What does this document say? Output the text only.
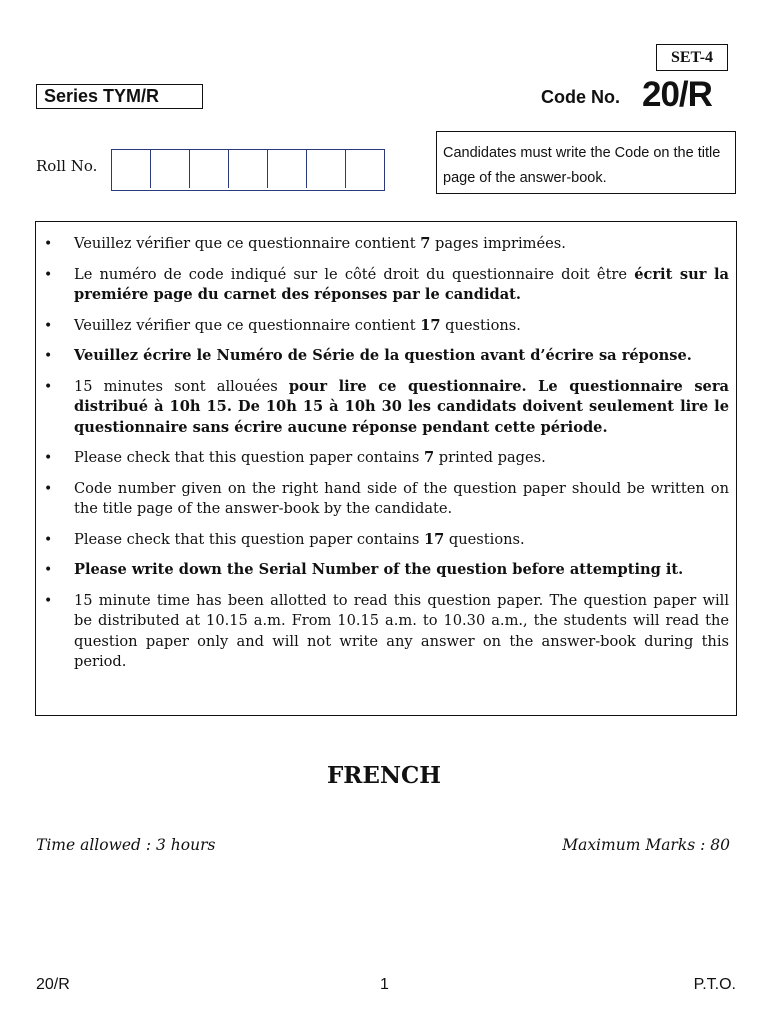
SET-4
Series TYM/R	Code No. 20/R
Roll No.
Candidates must write the Code on the title page of the answer-book.
• Veuillez vérifier que ce questionnaire contient 7 pages imprimées.
• Le numéro de code indiqué sur le côté droit du questionnaire doit être écrit sur la premiére page du carnet des réponses par le candidat.
• Veuillez vérifier que ce questionnaire contient 17 questions.
• Veuillez écrire le Numéro de Série de la question avant d’écrire sa réponse.
• 15 minutes sont allouées pour lire ce questionnaire. Le questionnaire sera distribué à 10h 15. De 10h 15 à 10h 30 les candidats doivent seulement lire le questionnaire sans écrire aucune réponse pendant cette période.
• Please check that this question paper contains 7 printed pages.
• Code number given on the right hand side of the question paper should be written on the title page of the answer-book by the candidate.
• Please check that this question paper contains 17 questions.
• Please write down the Serial Number of the question before attempting it.
• 15 minute time has been allotted to read this question paper. The question paper will be distributed at 10.15 a.m. From 10.15 a.m. to 10.30 a.m., the students will read the question paper only and will not write any answer on the answer-book during this period.
FRENCH
Time allowed : 3 hours	Maximum Marks : 80
20/R	1	P.T.O.
